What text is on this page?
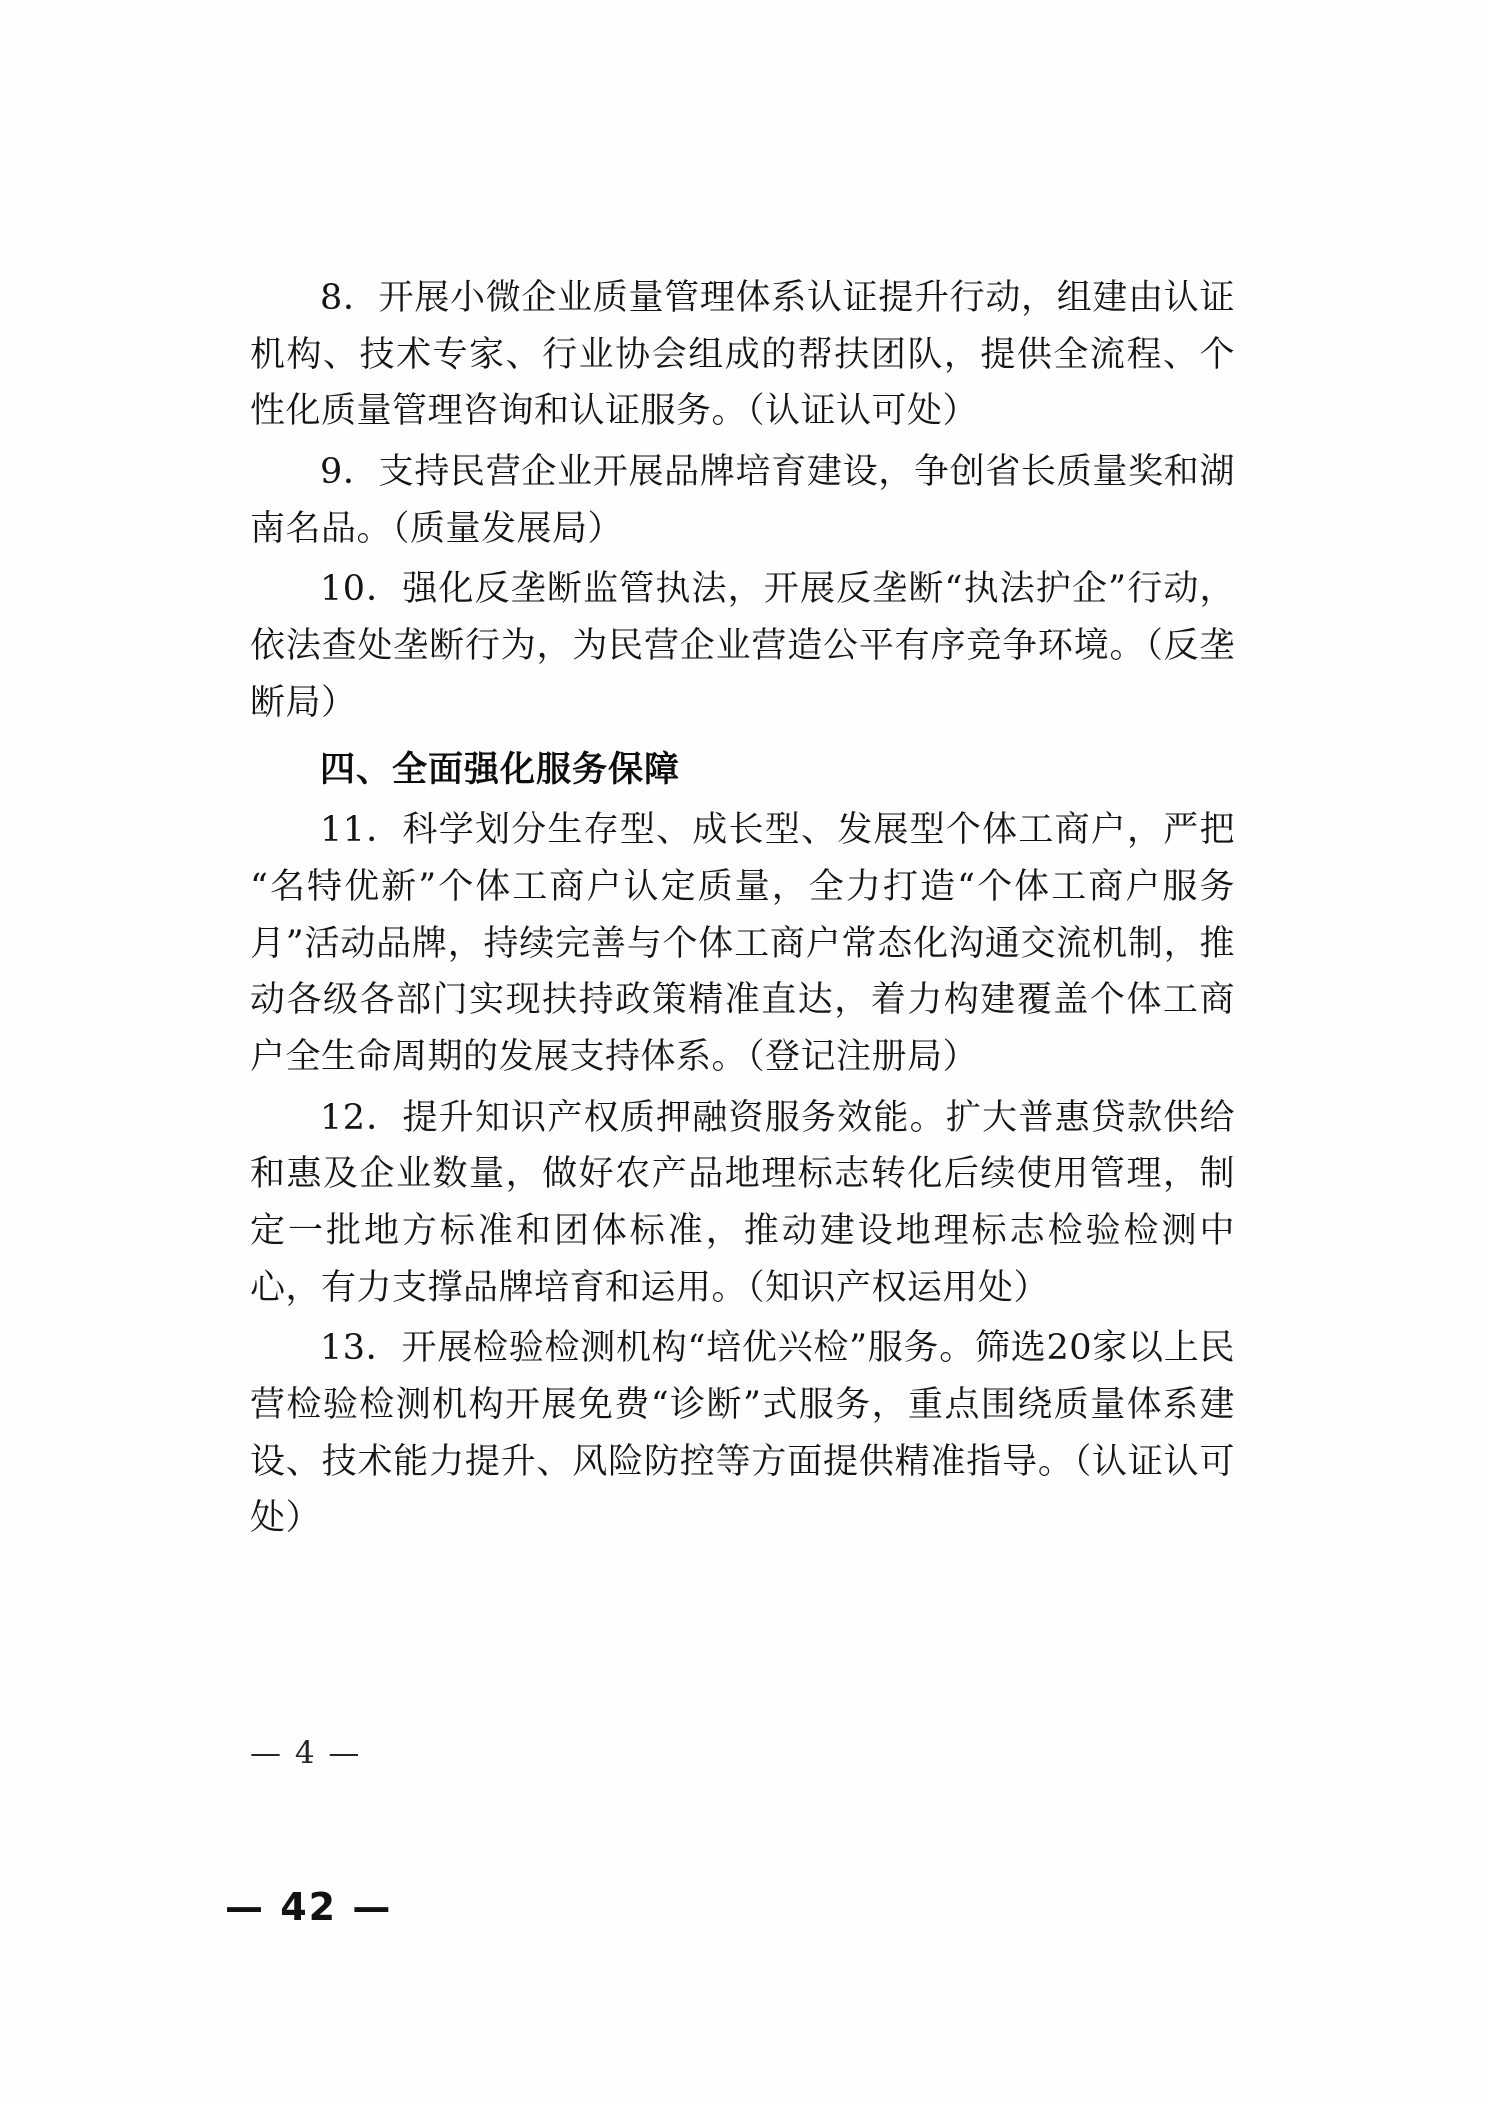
8．开展小微企业质量管理体系认证提升行动，组建由认证机构、技术专家、行业协会组成的帮扶团队，提供全流程、个性化质量管理咨询和认证服务。（认证认可处）

9．支持民营企业开展品牌培育建设，争创省长质量奖和湖南名品。（质量发展局）

10．强化反垄断监管执法，开展反垄断“执法护企”行动，依法查处垄断行为，为民营企业营造公平有序竞争环境。（反垄断局）

四、全面强化服务保障

11．科学划分生存型、成长型、发展型个体工商户，严把“名特优新”个体工商户认定质量，全力打造“个体工商户服务月”活动品牌，持续完善与个体工商户常态化沟通交流机制，推动各级各部门实现扶持政策精准直达，着力构建覆盖个体工商户全生命周期的发展支持体系。（登记注册局）

12．提升知识产权质押融资服务效能。扩大普惠贷款供给和惠及企业数量，做好农产品地理标志转化后续使用管理，制定一批地方标准和团体标准，推动建设地理标志检验检测中心，有力支撑品牌培育和运用。（知识产权运用处）

13．开展检验检测机构“培优兴检”服务。筛选20家以上民营检验检测机构开展免费“诊断”式服务，重点围绕质量体系建设、技术能力提升、风险防控等方面提供精准指导。（认证认可处）

— 4 —
— 42 —
